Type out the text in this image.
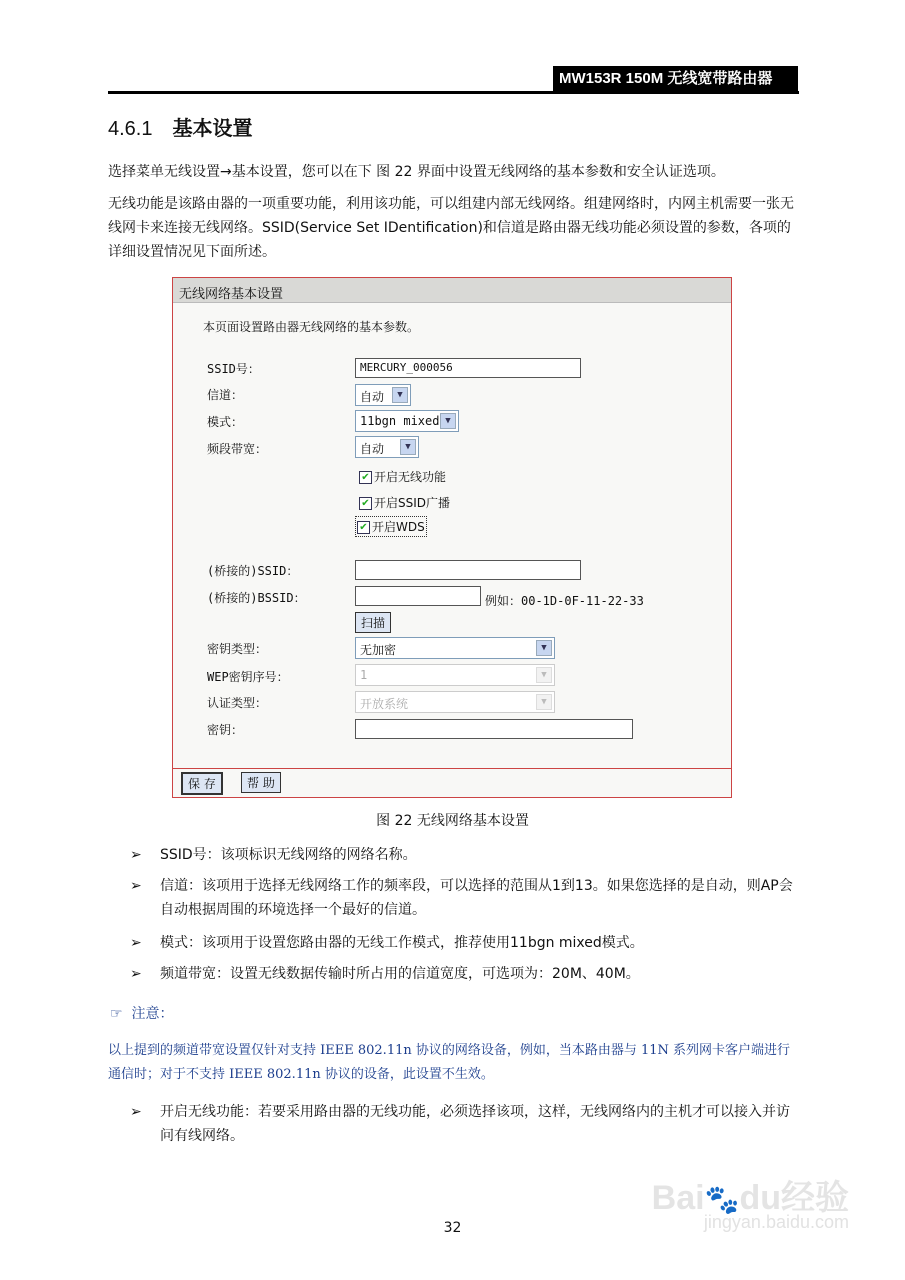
MW153R 150M 无线宽带路由器
4.6.1 基本设置
选择菜单无线设置→基本设置，您可以在下 图 22 界面中设置无线网络的基本参数和安全认证选项。
无线功能是该路由器的一项重要功能，利用该功能，可以组建内部无线网络。组建网络时，内网主机需要一张无线网卡来连接无线网络。SSID(Service Set IDentification)和信道是路由器无线功能必须设置的参数，各项的详细设置情况见下面所述。
无线网络基本设置
本页面设置路由器无线网络的基本参数。
SSID号：	MERCURY_000056
信道：	自动	▼
模式：	11bgn mixed ▼
频段带宽：	自动	▼
✔ 开启无线功能
✔ 开启SSID广播
✔ 开启WDS
(桥接的)SSID：
(桥接的)BSSID：	例如：00-1D-0F-11-22-33
扫描
密钥类型：	无加密	▼
WEP密钥序号：	1	▼
认证类型：	开放系统	▼
密钥：
保 存	帮 助
图 22 无线网络基本设置
➢ SSID号：该项标识无线网络的网络名称。
➢ 信道：该项用于选择无线网络工作的频率段，可以选择的范围从1到13。如果您选择的是自动，则AP会自动根据周围的环境选择一个最好的信道。
➢ 模式：该项用于设置您路由器的无线工作模式，推荐使用11bgn mixed模式。
➢ 频道带宽：设置无线数据传输时所占用的信道宽度，可选项为：20M、40M。
☞ 注意：
以上提到的频道带宽设置仅针对支持 IEEE 802.11n 协议的网络设备，例如，当本路由器与 11N 系列网卡客户端进行通信时；对于不支持 IEEE 802.11n 协议的设备，此设置不生效。
➢ 开启无线功能：若要采用路由器的无线功能，必须选择该项，这样，无线网络内的主机才可以接入并访问有线网络。
Bai🐾du经验
jingyan.baidu.com
32
